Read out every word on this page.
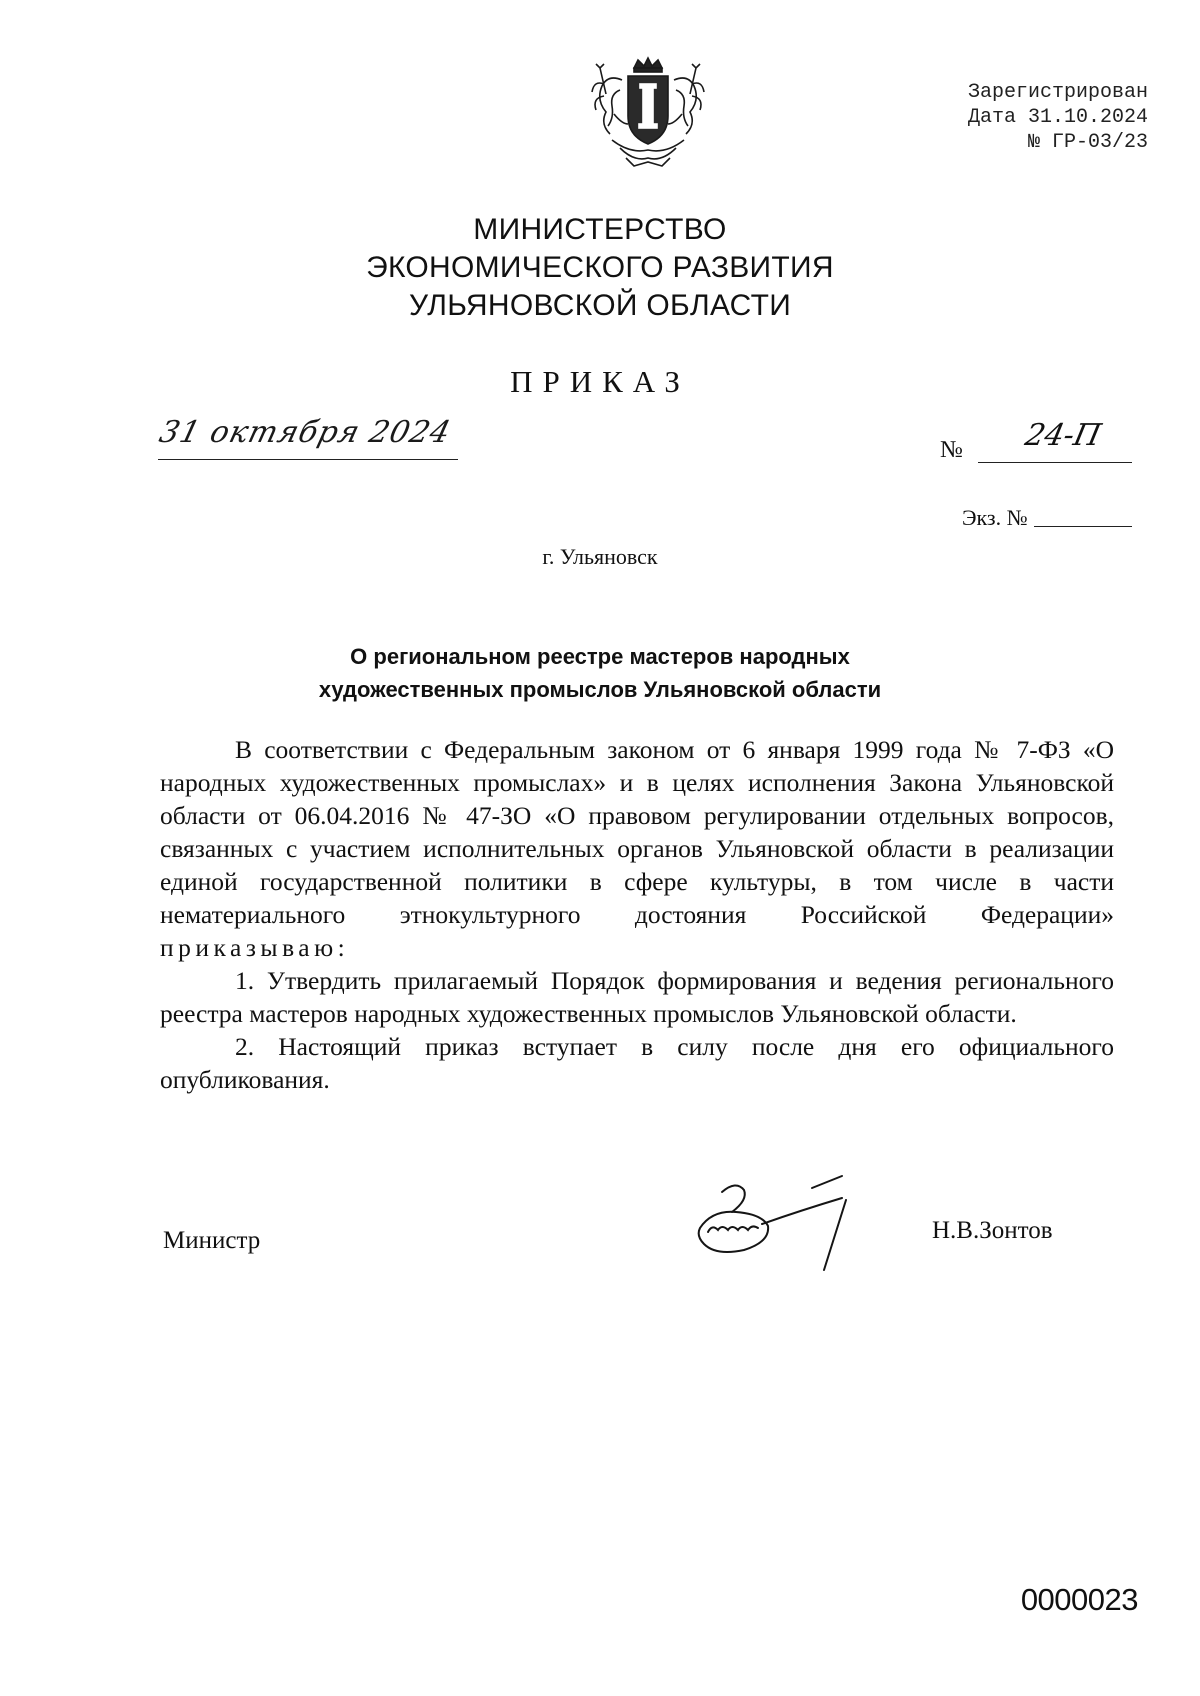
Зарегистрирован
Дата 31.10.2024
№ ГР-03/23
МИНИСТЕРСТВО
ЭКОНОМИЧЕСКОГО РАЗВИТИЯ
УЛЬЯНОВСКОЙ ОБЛАСТИ
ПРИКАЗ
31 октября 2024	№	24-П
Экз. №
г. Ульяновск
О региональном реестре мастеров народных
художественных промыслов Ульяновской области

В соответствии с Федеральным законом от 6 января 1999 года № 7-ФЗ «О народных художественных промыслах» и в целях исполнения Закона Ульяновской области от 06.04.2016 № 47-ЗО «О правовом регулировании отдельных вопросов, связанных с участием исполнительных органов Ульяновской области в реализации единой государственной политики в сфере культуры, в том числе в части нематериального этнокультурного достояния Российской Федерации» приказываю:

1. Утвердить прилагаемый Порядок формирования и ведения регионального реестра мастеров народных художественных промыслов Ульяновской области.

2. Настоящий приказ вступает в силу после дня его официального опубликования.

Министр	Н.В.Зонтов
0000023
